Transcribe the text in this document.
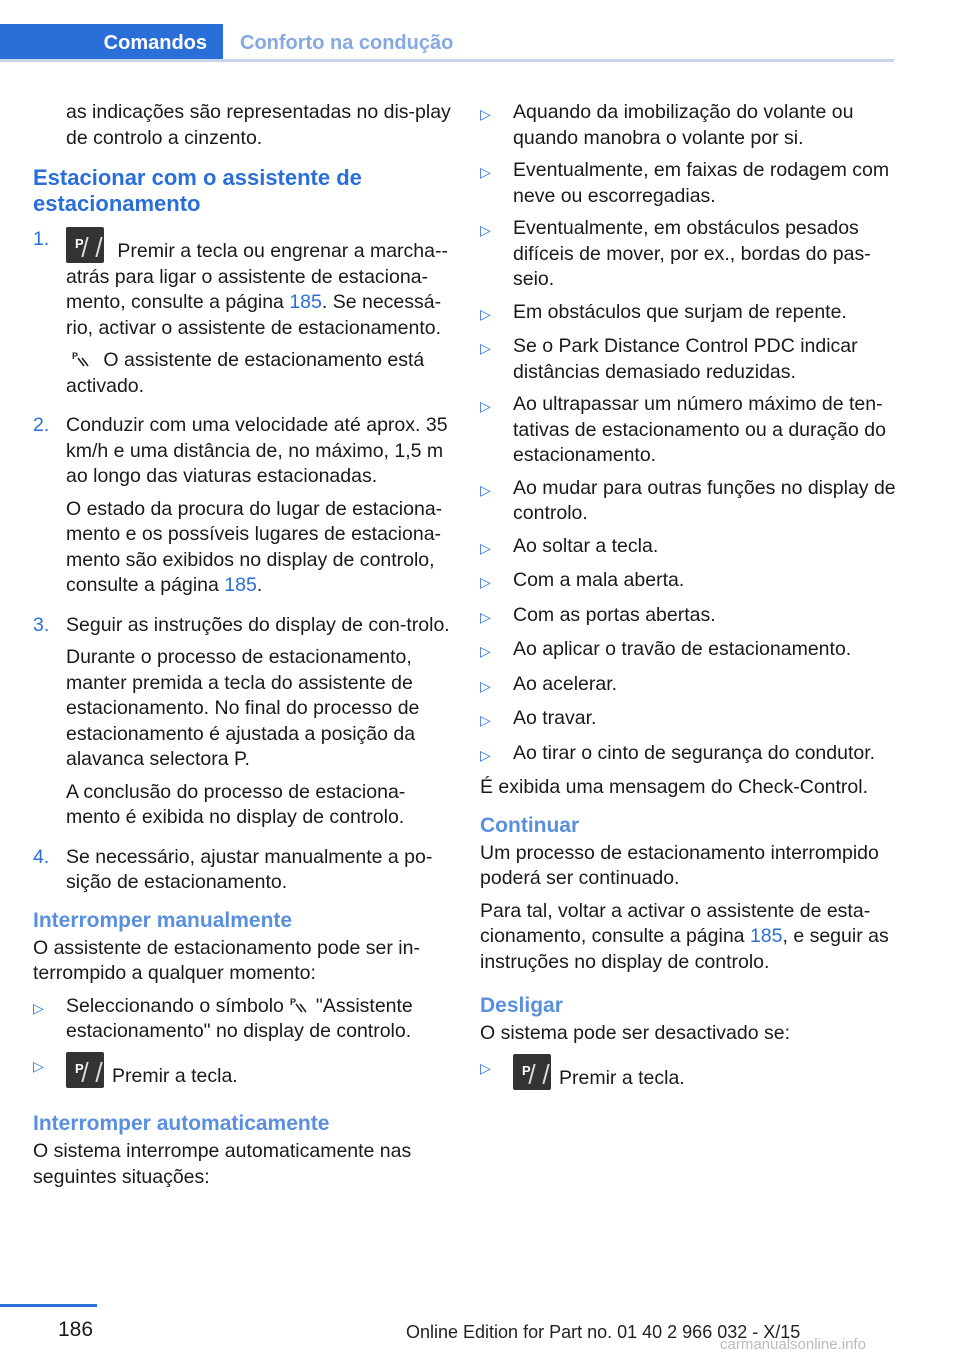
Comandos	Conforto na condução

as indicações são representadas no dis-play de controlo a cinzento.

Estacionar com o assistente de estacionamento
1.
P Premir a tecla ou engrenar a marcha--atrás para ligar o assistente de estaciona-mento, consulte a página 185. Se necessá-rio, activar o assistente de estacionamento.

P O assistente de estacionamento está activado.

2. Conduzir com uma velocidade até aprox. 35 km/h e uma distância de, no máximo, 1,5 m ao longo das viaturas estacionadas.

O estado da procura do lugar de estaciona-mento e os possíveis lugares de estaciona-mento são exibidos no display de controlo, consulte a página 185.

3. Seguir as instruções do display de con-trolo.

Durante o processo de estacionamento, manter premida a tecla do assistente de estacionamento. No final do processo de estacionamento é ajustada a posição da alavanca selectora P.

A conclusão do processo de estaciona-mento é exibida no display de controlo.

4. Se necessário, ajustar manualmente a po-sição de estacionamento.
Interromper manualmente

O assistente de estacionamento pode ser in-terrompido a qualquer momento:

▷	Seleccionando o símbolo P "Assistente estacionamento" no display de controlo.
▷ P	Premir a tecla.
Interromper automaticamente

O sistema interrompe automaticamente nas seguintes situações:

▷	Aquando da imobilização do volante ou quando manobra o volante por si.
▷	Eventualmente, em faixas de rodagem com neve ou escorregadias.
▷	Eventualmente, em obstáculos pesados difíceis de mover, por ex., bordas do pas-seio.
▷	Em obstáculos que surjam de repente.
▷	Se o Park Distance Control PDC indicar distâncias demasiado reduzidas.
▷	Ao ultrapassar um número máximo de ten-tativas de estacionamento ou a duração do estacionamento.
▷	Ao mudar para outras funções no display de controlo.
▷	Ao soltar a tecla.
▷	Com a mala aberta.
▷	Com as portas abertas.
▷	Ao aplicar o travão de estacionamento.
▷	Ao acelerar.
▷	Ao travar.
▷	Ao tirar o cinto de segurança do condutor.

É exibida uma mensagem do Check-Control.

Continuar

Um processo de estacionamento interrompido poderá ser continuado.

Para tal, voltar a activar o assistente de esta-cionamento, consulte a página 185, e seguir as instruções no display de controlo.

Desligar

O sistema pode ser desactivado se:

▷ P	Premir a tecla.
186	Online Edition for Part no. 01 40 2 966 032 - X/15
carmanualsonline.info
